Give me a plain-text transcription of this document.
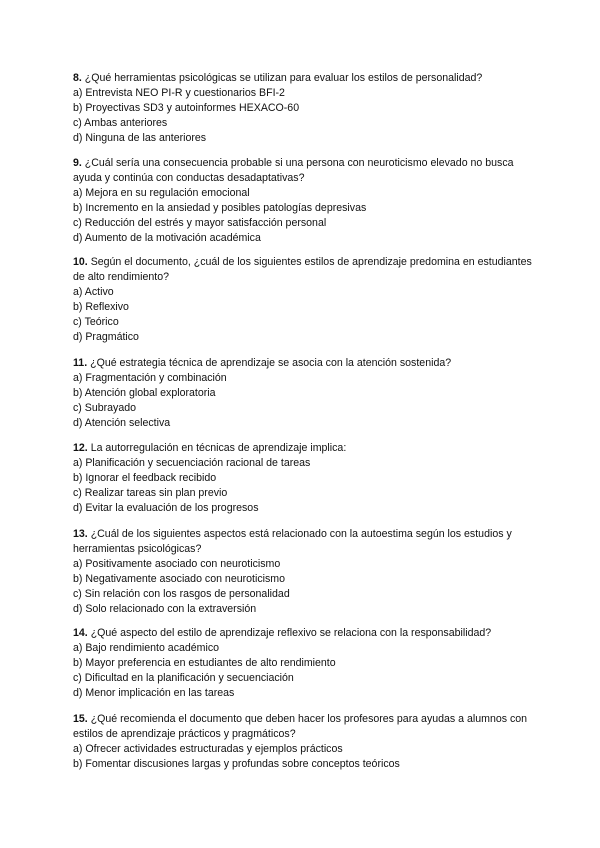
8. ¿Qué herramientas psicológicas se utilizan para evaluar los estilos de personalidad?

a) Entrevista NEO PI-R y cuestionarios BFI-2
b) Proyectivas SD3 y autoinformes HEXACO-60
c) Ambas anteriores
d) Ninguna de las anteriores

9. ¿Cuál sería una consecuencia probable si una persona con neuroticismo elevado no busca ayuda y continúa con conductas desadaptativas?

a) Mejora en su regulación emocional
b) Incremento en la ansiedad y posibles patologías depresivas
c) Reducción del estrés y mayor satisfacción personal
d) Aumento de la motivación académica

10. Según el documento, ¿cuál de los siguientes estilos de aprendizaje predomina en estudiantes de alto rendimiento?

a) Activo
b) Reflexivo
c) Teórico
d) Pragmático

11. ¿Qué estrategia técnica de aprendizaje se asocia con la atención sostenida?

a) Fragmentación y combinación
b) Atención global exploratoria
c) Subrayado
d) Atención selectiva

12. La autorregulación en técnicas de aprendizaje implica:

a) Planificación y secuenciación racional de tareas
b) Ignorar el feedback recibido
c) Realizar tareas sin plan previo
d) Evitar la evaluación de los progresos

13. ¿Cuál de los siguientes aspectos está relacionado con la autoestima según los estudios y herramientas psicológicas?

a) Positivamente asociado con neuroticismo
b) Negativamente asociado con neuroticismo
c) Sin relación con los rasgos de personalidad
d) Solo relacionado con la extraversión

14. ¿Qué aspecto del estilo de aprendizaje reflexivo se relaciona con la responsabilidad?

a) Bajo rendimiento académico
b) Mayor preferencia en estudiantes de alto rendimiento
c) Dificultad en la planificación y secuenciación
d) Menor implicación en las tareas

15. ¿Qué recomienda el documento que deben hacer los profesores para ayudas a alumnos con estilos de aprendizaje prácticos y pragmáticos?

a) Ofrecer actividades estructuradas y ejemplos prácticos
b) Fomentar discusiones largas y profundas sobre conceptos teóricos
